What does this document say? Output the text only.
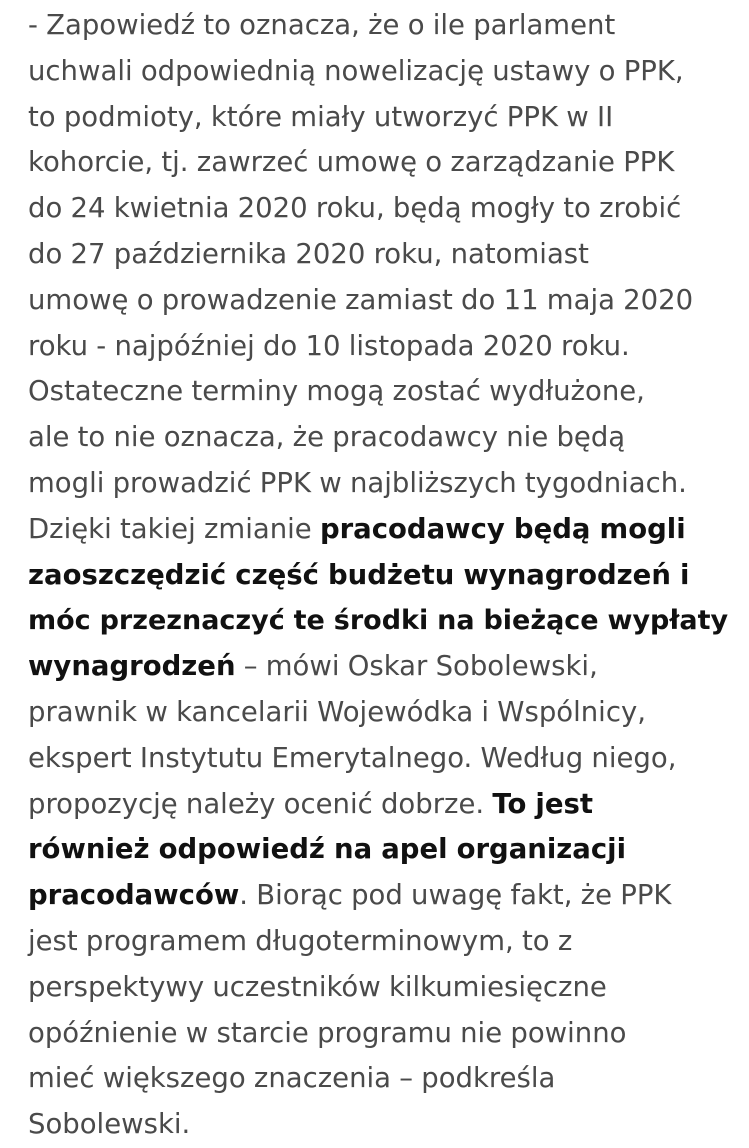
- Zapowiedź to oznacza, że o ile parlament
uchwali odpowiednią nowelizację ustawy o PPK,
to podmioty, które miały utworzyć PPK w II
kohorcie, tj. zawrzeć umowę o zarządzanie PPK
do 24 kwietnia 2020 roku, będą mogły to zrobić
do 27 października 2020 roku, natomiast
umowę o prowadzenie zamiast do 11 maja 2020
roku - najpóźniej do 10 listopada 2020 roku.
Ostateczne terminy mogą zostać wydłużone,
ale to nie oznacza, że pracodawcy nie będą
mogli prowadzić PPK w najbliższych tygodniach.
Dzięki takiej zmianie pracodawcy będą mogli
zaoszczędzić część budżetu wynagrodzeń i
móc przeznaczyć te środki na bieżące wypłaty
wynagrodzeń – mówi Oskar Sobolewski,
prawnik w kancelarii Wojewódka i Wspólnicy,
ekspert Instytutu Emerytalnego. Według niego,
propozycję należy ocenić dobrze. To jest
również odpowiedź na apel organizacji
pracodawców. Biorąc pod uwagę fakt, że PPK
jest programem długoterminowym, to z
perspektywy uczestników kilkumiesięczne
opóźnienie w starcie programu nie powinno
mieć większego znaczenia – podkreśla
Sobolewski.
